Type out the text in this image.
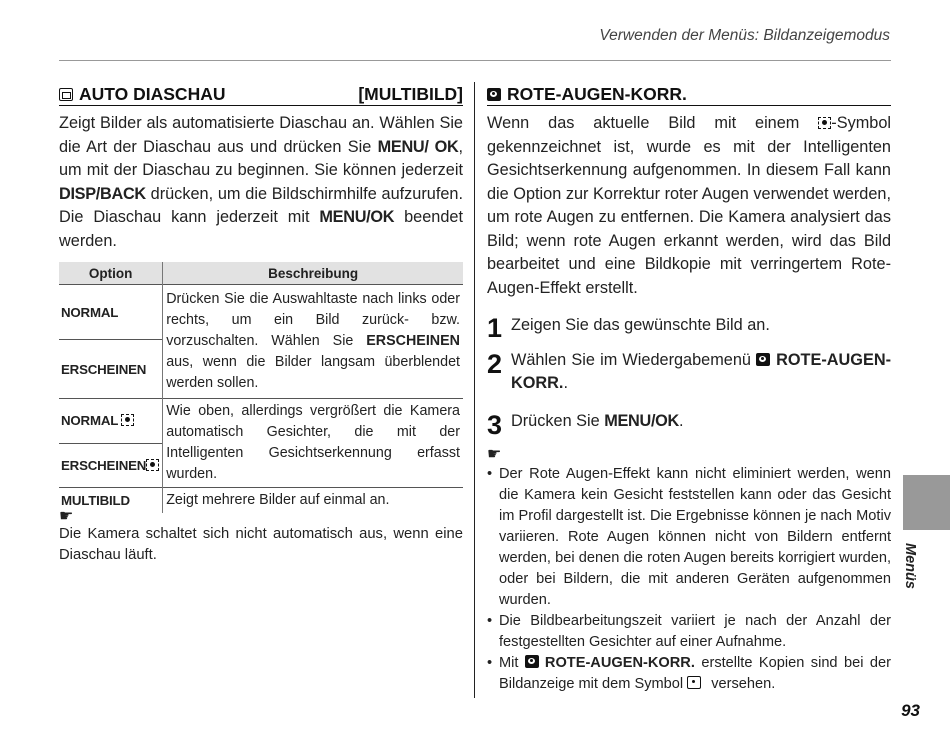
Verwenden der Menüs: Bildanzeigemodus
AUTO DIASCHAU	[MULTIBILD]
Zeigt Bilder als automatisierte Diaschau an. Wählen Sie die Art der Diaschau aus und drücken Sie MENU/ OK, um mit der Diaschau zu beginnen. Sie können jederzeit DISP/BACK drücken, um die Bildschirmhilfe aufzurufen. Die Diaschau kann jederzeit mit MENU/OK beendet werden.
Option	Beschreibung
NORMAL	Drücken Sie die Auswahltaste nach links oder rechts, um ein Bild zurück- bzw. vorzuschalten. Wählen Sie ERSCHEINEN aus, wenn die Bilder langsam überblendet werden sollen.
ERSCHEINEN	
NORMAL	Wie oben, allerdings vergrößert die Kamera automatisch Gesichter, die mit der Intelligenten Gesichtserkennung erfasst wurden.
ERSCHEINEN	
MULTIBILD	Zeigt mehrere Bilder auf einmal an.
☛
Die Kamera schaltet sich nicht automatisch aus, wenn eine Diaschau läuft.
ROTE-AUGEN-KORR.
Wenn das aktuelle Bild mit einem -Symbol gekennzeichnet ist, wurde es mit der Intelligenten Gesichtserkennung aufgenommen. In diesem Fall kann die Option zur Korrektur roter Augen verwendet werden, um rote Augen zu entfernen. Die Kamera analysiert das Bild; wenn rote Augen erkannt werden, wird das Bild bearbeitet und eine Bildkopie mit verringertem Rote-Augen-Effekt erstellt.
1 Zeigen Sie das gewünschte Bild an.
2 Wählen Sie im Wiedergabemenü ROTE-AUGEN-KORR..
3 Drücken Sie MENU/OK.
☛
• Der Rote Augen-Effekt kann nicht eliminiert werden, wenn die Kamera kein Gesicht feststellen kann oder das Gesicht im Profil dargestellt ist. Die Ergebnisse können je nach Motiv variieren. Rote Augen können nicht von Bildern entfernt werden, bei denen die roten Augen bereits korrigiert wurden, oder bei Bildern, die mit anderen Geräten aufgenommen wurden.
• Die Bildbearbeitungszeit variiert je nach der Anzahl der festgestellten Gesichter auf einer Aufnahme.
• Mit ROTE-AUGEN-KORR. erstellte Kopien sind bei der Bildanzeige mit dem Symbol  versehen.
Menüs
93
